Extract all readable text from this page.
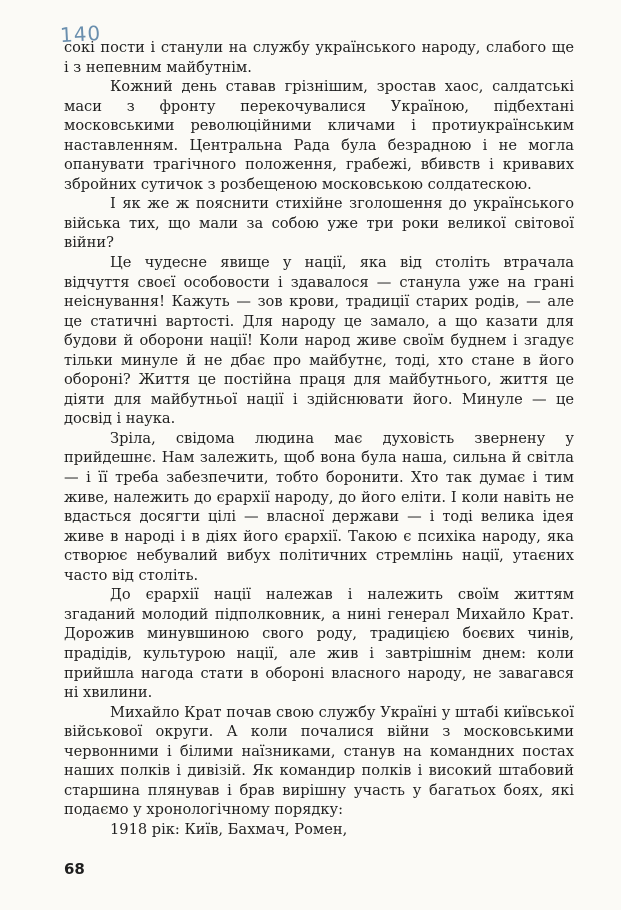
140

сокі пости і станули на службу українського народу, слабого ще і з непевним майбутнім.

Кожний день ставав грізнішим, зростав хаос, салдатські маси з фронту перекочувалися Україною, підбехтані московськими революційними кличами і протиукраїнським наставленням. Центральна Рада була безрадною і не могла опанувати трагічного положення, грабежі, вбивств і кривавих збройних сутичок з розбещеною московською солдатескою.

І як же ж пояснити стихійне зголошення до українського війська тих, що мали за собою уже три роки великої світової війни?

Це чудесне явище у нації, яка від століть втрачала відчуття своєї особовости і здавалося — станула уже на грані неіснування! Кажуть — зов крови, традиції старих родів, — але це статичні вартості. Для народу це замало, а що казати для будови й оборони нації! Коли народ живе своїм буднем і згадує тільки минуле й не дбає про майбутнє, тоді, хто стане в його обороні? Життя це постійна праця для майбутнього, життя це діяти для майбутньої нації і здійснювати його. Минуле — це досвід і наука.

Зріла, свідома людина має духовість звернену у прийдешнє. Нам залежить, щоб вона була наша, сильна й світла — і її треба забезпечити, тобто боронити. Хто так думає і тим живе, належить до єрархії народу, до його еліти. І коли навіть не вдасться досягти цілі — власної держави — і тоді велика ідея живе в народі і в діях його єрархії. Такою є психіка народу, яка створює небувалий вибух політичних стремлінь нації, утаєних часто від століть.

До єрархії нації належав і належить своїм життям згаданий молодий підполковник, а нині генерал Михайло Крат. Дорожив минувшиною свого роду, традицією боєвих чинів, прадідів, культурою нації, але жив і завтрішнім днем: коли прийшла нагода стати в обороні власного народу, не завагався ні хвилини.

Михайло Крат почав свою службу Україні у штабі київської військової округи. А коли почалися війни з московськими червонними і білими наїзниками, станув на командних постах наших полків і дивізій. Як командир полків і високий штабовий старшина плянував і брав вирішну участь у багатьох боях, які подаємо у хронологічному порядку:

1918 рік: Київ, Бахмач, Ромен,

68
